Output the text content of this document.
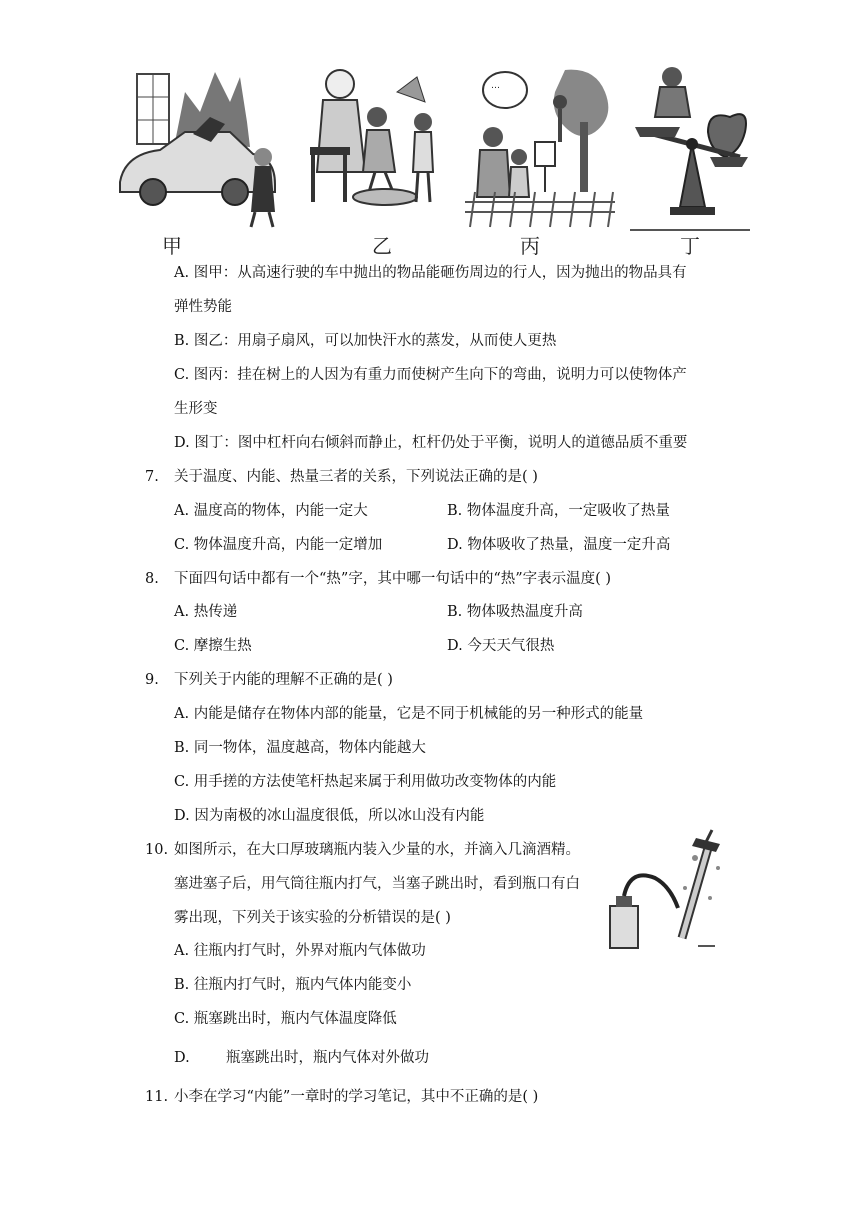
…
甲	乙	丙	丁
A. 图甲：从高速行驶的车中抛出的物品能砸伤周边的行人，因为抛出的物品具有
弹性势能
B. 图乙：用扇子扇风，可以加快汗水的蒸发，从而使人更热
C. 图丙：挂在树上的人因为有重力而使树产生向下的弯曲，说明力可以使物体产
生形变
D. 图丁：图中杠杆向右倾斜而静止，杠杆仍处于平衡，说明人的道德品质不重要
7. 关于温度、内能、热量三者的关系，下列说法正确的是( )
A. 温度高的物体，内能一定大	B. 物体温度升高，一定吸收了热量
C. 物体温度升高，内能一定增加	D. 物体吸收了热量，温度一定升高
8. 下面四句话中都有一个“热”字，其中哪一句话中的“热”字表示温度( )
A. 热传递	B. 物体吸热温度升高
C. 摩擦生热	D. 今天天气很热
9. 下列关于内能的理解不正确的是( )
A. 内能是储存在物体内部的能量，它是不同于机械能的另一种形式的能量
B. 同一物体，温度越高，物体内能越大
C. 用手搓的方法使笔杆热起来属于利用做功改变物体的内能
D. 因为南极的冰山温度很低，所以冰山没有内能
10. 如图所示，在大口厚玻璃瓶内装入少量的水，并滴入几滴酒精。
塞进塞子后，用气筒往瓶内打气，当塞子跳出时，看到瓶口有白
雾出现，下列关于该实验的分析错误的是( )
A. 往瓶内打气时，外界对瓶内气体做功
B. 往瓶内打气时，瓶内气体内能变小
C. 瓶塞跳出时，瓶内气体温度降低
D.	瓶塞跳出时，瓶内气体对外做功
11. 小李在学习“内能”一章时的学习笔记，其中不正确的是( )
